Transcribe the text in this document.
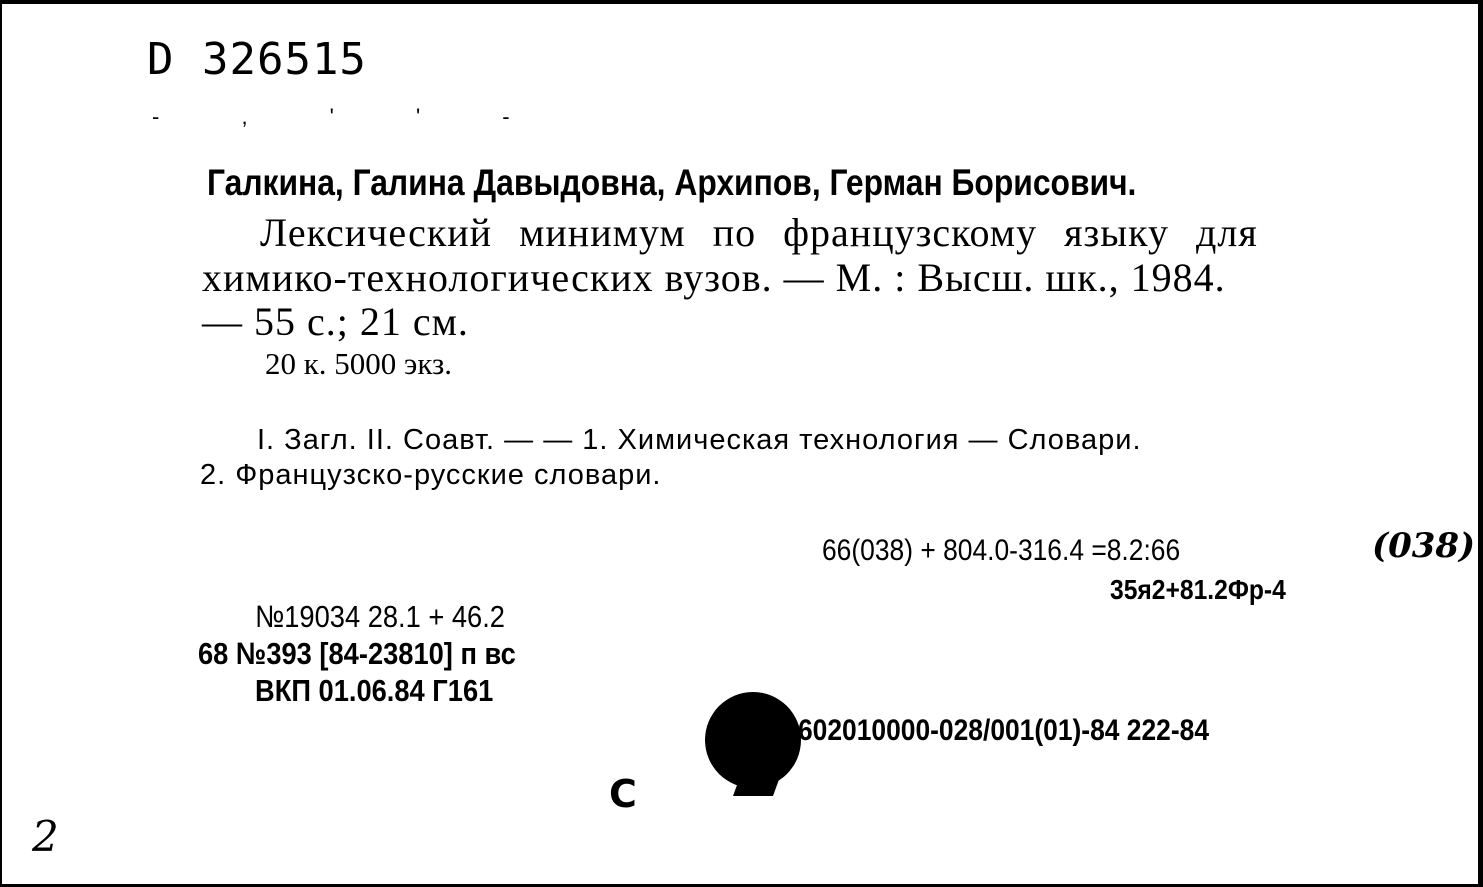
D 326515
- , ' ' -
Галкина, Галина Давыдовна, Архипов, Герман Борисович.
Лексический минимум по французскому языку для
химико-технологических вузов. — М. : Высш. шк., 1984.
— 55 с.; 21 см.
20 к. 5000 экз.
I. Загл. II. Соавт. — — 1. Химическая технология — Словари.
2. Французско-русские словари.
66(038) + 804.0-316.4 =8.2:66	(038)
35я2+81.2Фр-4
№19034 28.1 + 46.2
68 №393 [84-23810] п вс
ВКП 01.06.84 Г161
602010000-028/001(01)-84 222-84
С
2
